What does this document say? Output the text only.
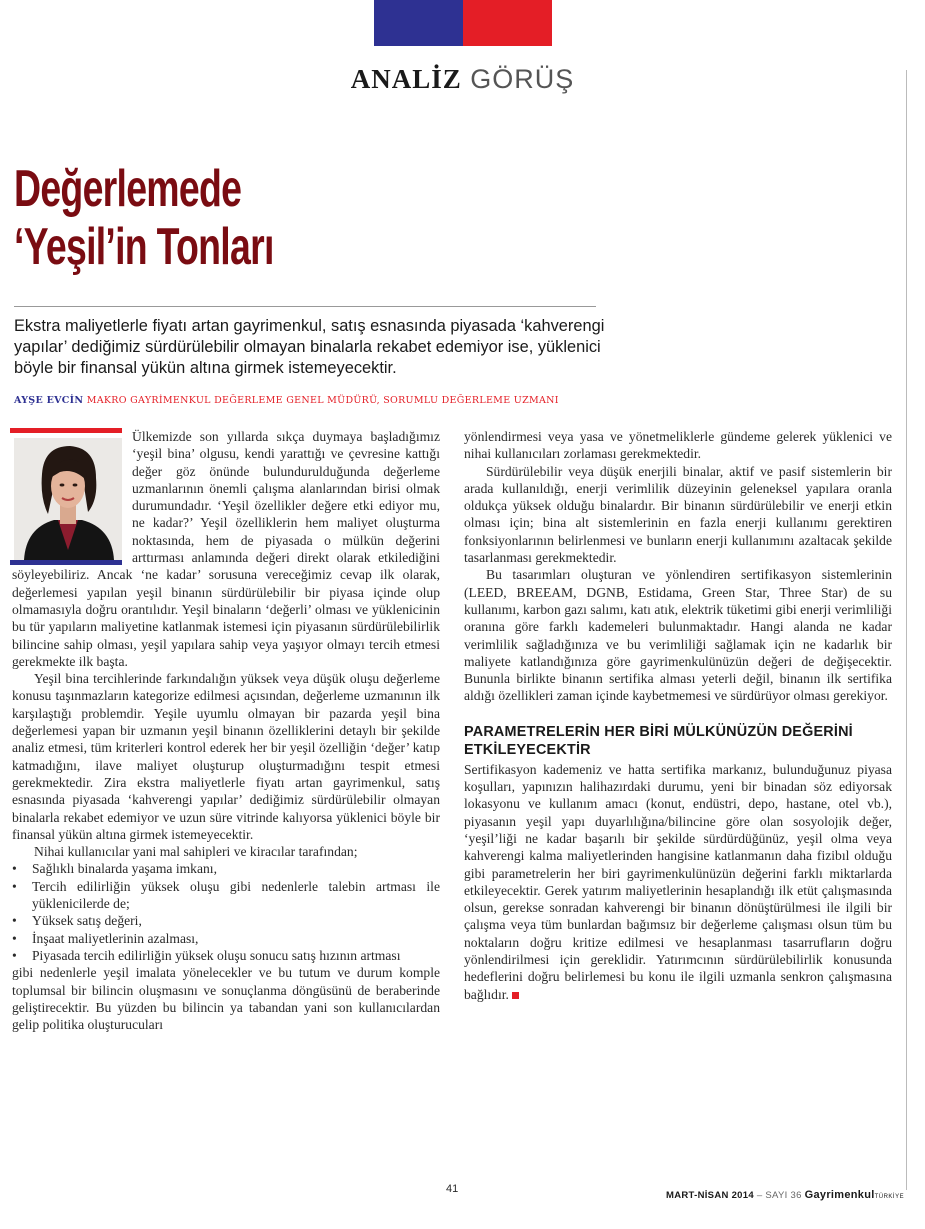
ANALİZ GÖRÜŞ
Değerlemede
‘Yeşil’in Tonları
Ekstra maliyetlerle fiyatı artan gayrimenkul, satış esnasında piyasada ‘kahverengi yapılar’ dediğimiz sürdürülebilir olmayan binalarla rekabet edemiyor ise, yüklenici böyle bir finansal yükün altına girmek istemeyecektir.
AYŞE EVCİN MAKRO GAYRİMENKUL DEĞERLEME GENEL MÜDÜRÜ, SORUMLU DEĞERLEME UZMANI

Ülkemizde son yıllarda sıkça duymaya başladığımız ‘yeşil bina’ olgusu, kendi yarattığı ve çevresine kattığı değer göz önünde bulundurulduğunda değerleme uzmanlarının önemli çalışma alanlarından birisi olmak durumundadır. ‘Yeşil özellikler değere etki ediyor mu, ne kadar?’ Yeşil özelliklerin hem maliyet oluşturma noktasında, hem de piyasada o mülkün değerini arttırması anlamında değeri direkt olarak etkilediğini söyleyebiliriz. Ancak ‘ne kadar’ sorusuna vereceğimiz cevap ilk olarak, değerlemesi yapılan yeşil binanın sürdürülebilir bir piyasa içinde olup olmamasıyla doğru orantılıdır. Yeşil binaların ‘değerli’ olması ve yüklenicinin bu tür yapıların maliyetine katlanmak istemesi için piyasanın sürdürülebilirlik bilincine sahip olması, yeşil yapılara sahip veya yaşıyor olmayı tercih etmesi gerekmekte ilk başta.

Yeşil bina tercihlerinde farkındalığın yüksek veya düşük oluşu değerleme konusu taşınmazların kategorize edilmesi açısından, değerleme uzmanının ilk karşılaştığı problemdir. Yeşile uyumlu olmayan bir pazarda yeşil bina değerlemesi yapan bir uzmanın yeşil binanın özelliklerini detaylı bir şekilde analiz etmesi, tüm kriterleri kontrol ederek her bir yeşil özelliğin ‘değer’ katıp katmadığını, ilave maliyet oluşturup oluşturmadığını tespit etmesi gerekmektedir. Zira ekstra maliyetlerle fiyatı artan gayrimenkul, satış esnasında piyasada ‘kahverengi yapılar’ dediğimiz sürdürülebilir olmayan binalarla rekabet edemiyor ve uzun süre vitrinde kalıyorsa yüklenici böyle bir finansal yükün altına girmek istemeyecektir.

Nihai kullanıcılar yani mal sahipleri ve kiracılar tarafından;

• Sağlıklı binalarda yaşama imkanı,
• Tercih edilirliğin yüksek oluşu gibi nedenlerle talebin artması ile yüklenicilerde de;
• Yüksek satış değeri,
• İnşaat maliyetlerinin azalması,
• Piyasada tercih edilirliğin yüksek oluşu sonucu satış hızının artması

gibi nedenlerle yeşil imalata yönelecekler ve bu tutum ve durum komple toplumsal bir bilincin oluşmasını ve sonuçlanma döngüsünü de beraberinde geliştirecektir. Bu yüzden bu bilincin ya tabandan yani son kullanıcılardan gelip politika oluşturucuları

yönlendirmesi veya yasa ve yönetmeliklerle gündeme gelerek yüklenici ve nihai kullanıcıları zorlaması gerekmektedir.

Sürdürülebilir veya düşük enerjili binalar, aktif ve pasif sistemlerin bir arada kullanıldığı, enerji verimlilik düzeyinin geleneksel yapılara oranla oldukça yüksek olduğu binalardır. Bir binanın sürdürülebilir ve enerji etkin olması için; bina alt sistemlerinin en fazla enerji kullanımı gerektiren fonksiyonlarının belirlenmesi ve bunların enerji kullanımını azaltacak şekilde tasarlanması gerekmektedir.

Bu tasarımları oluşturan ve yönlendiren sertifikasyon sistemlerinin (LEED, BREEAM, DGNB, Estidama, Green Star, Three Star) de su kullanımı, karbon gazı salımı, katı atık, elektrik tüketimi gibi enerji verimliliği oranına göre farklı kademeleri bulunmaktadır. Hangi alanda ne kadar verimlilik sağladığınıza ve bu verimliliği sağlamak için ne kadarlık bir maliyete katlandığınıza göre gayrimenkulünüzün değeri de değişecektir. Bununla birlikte binanın sertifika alması yeterli değil, binanın ilk sertifika aldığı özellikleri zaman içinde kaybetmemesi ve sürdürüyor olması gerekiyor.

PARAMETRELERİN HER BİRİ MÜLKÜNÜZÜN DEĞERİNİ ETKİLEYECEKTİR

Sertifikasyon kademeniz ve hatta sertifika markanız, bulunduğunuz piyasa koşulları, yapınızın halihazırdaki durumu, yeni bir binadan söz ediyorsak lokasyonu ve kullanım amacı (konut, endüstri, depo, hastane, otel vb.), piyasanın yeşil yapı duyarlılığına/bilincine göre olan sosyolojik değer, ‘yeşil’liği ne kadar başarılı bir şekilde sürdürdüğünüz, yeşil olma veya kahverengi kalma maliyetlerinden hangisine katlanmanın daha fizibıl olduğu gibi parametrelerin her biri gayrimenkulünüzün değerini farklı miktarlarda etkileyecektir. Gerek yatırım maliyetlerinin hesaplandığı ilk etüt çalışmasında olsun, gerekse sonradan kahverengi bir binanın dönüştürülmesi ile ilgili bir çalışma veya tüm bunlardan bağımsız bir değerleme çalışması olsun tüm bu noktaların doğru kritize edilmesi ve hesaplanması tasarrufların doğru yönlendirilmesi için gereklidir. Yatırımcının sürdürülebilirlik konusunda hedeflerini doğru belirlemesi bu konu ile ilgili uzmanla senkron çalışmasına bağlıdır.

41
MART-NİSAN 2014 – SAYI 36 GayrimenkulTÜRKİYE
